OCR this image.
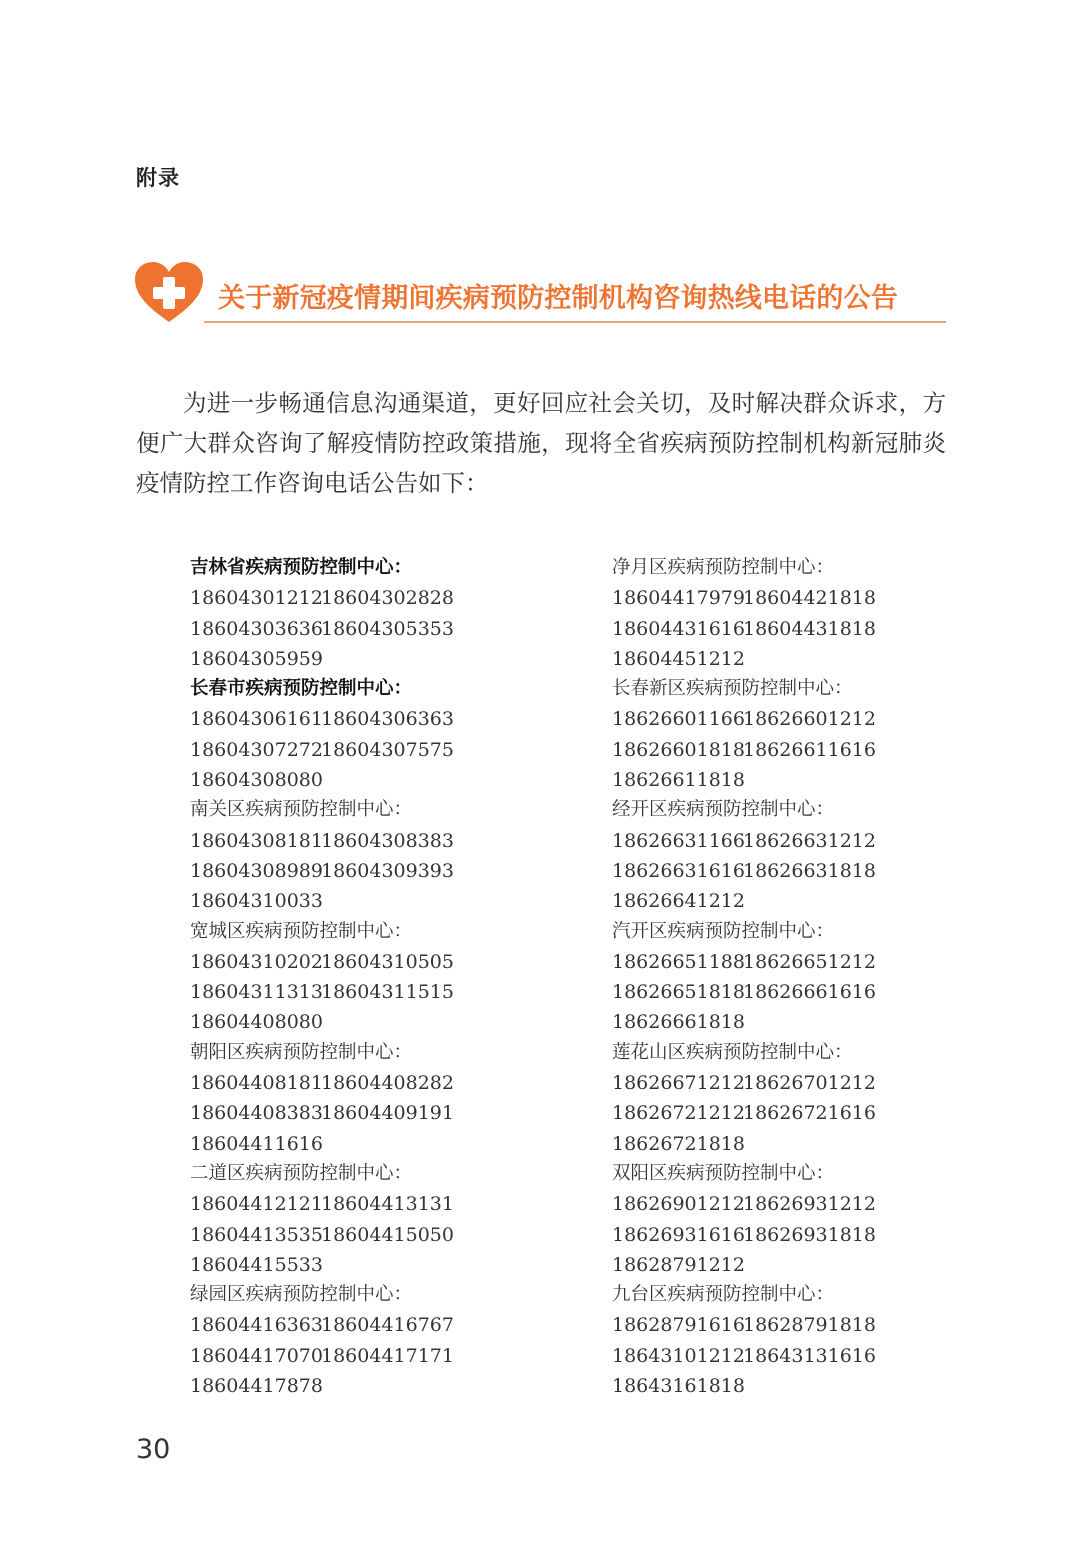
附录
关于新冠疫情期间疾病预防控制机构咨询热线电话的公告

为进一步畅通信息沟通渠道，更好回应社会关切，及时解决群众诉求，方便广大群众咨询了解疫情防控政策措施，现将全省疾病预防控制机构新冠肺炎疫情防控工作咨询电话公告如下：

吉林省疾病预防控制中心：
1860430121218604302828
1860430363618604305353
18604305959
长春市疾病预防控制中心：
1860430616118604306363
1860430727218604307575
18604308080
南关区疾病预防控制中心：
1860430818118604308383
1860430898918604309393
18604310033
宽城区疾病预防控制中心：
1860431020218604310505
1860431131318604311515
18604408080
朝阳区疾病预防控制中心：
1860440818118604408282
1860440838318604409191
18604411616
二道区疾病预防控制中心：
1860441212118604413131
1860441353518604415050
18604415533
绿园区疾病预防控制中心：
1860441636318604416767
1860441707018604417171
18604417878
净月区疾病预防控制中心：
1860441797918604421818
1860443161618604431818
18604451212
长春新区疾病预防控制中心：
1862660116618626601212
1862660181818626611616
18626611818
经开区疾病预防控制中心：
1862663116618626631212
1862663161618626631818
18626641212
汽开区疾病预防控制中心：
1862665118818626651212
1862665181818626661616
18626661818
莲花山区疾病预防控制中心：
1862667121218626701212
1862672121218626721616
18626721818
双阳区疾病预防控制中心：
1862690121218626931212
1862693161618626931818
18628791212
九台区疾病预防控制中心：
1862879161618628791818
1864310121218643131616
18643161818
30
